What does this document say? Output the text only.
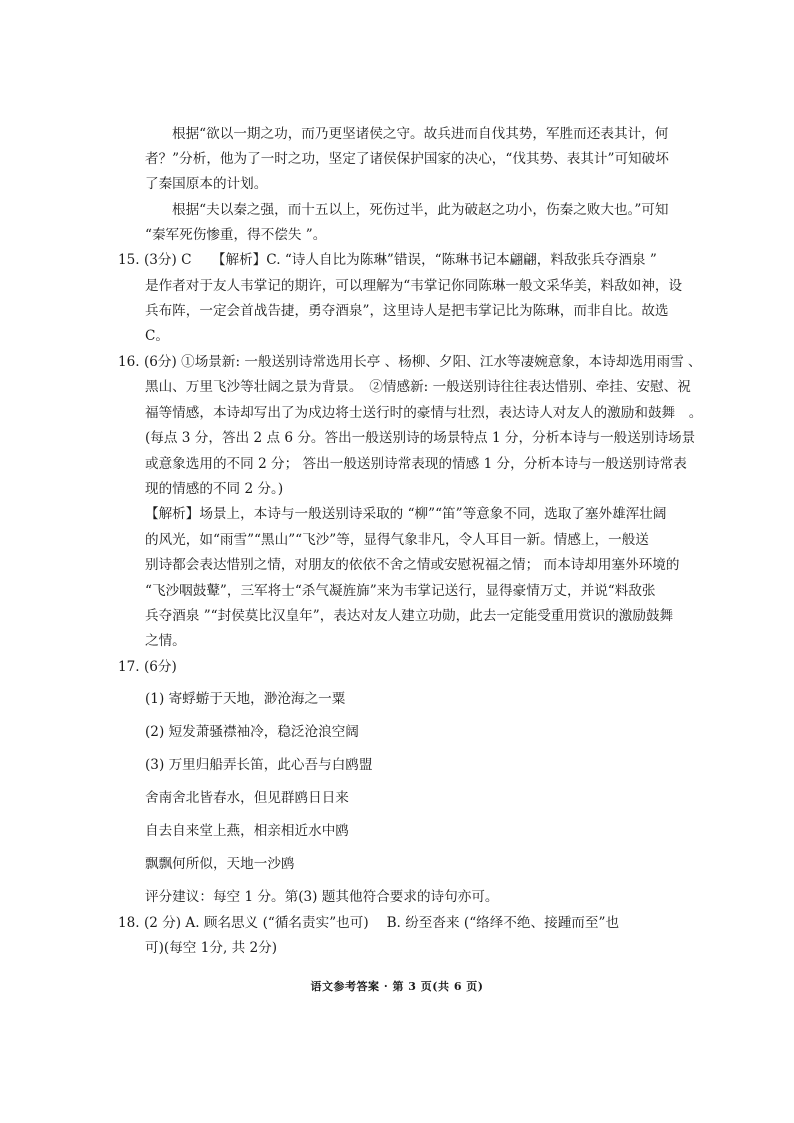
根据“欲以一期之功，而乃更坚诸侯之守。故兵进而自伐其势，军胜而还表其计，何
者？”分析，他为了一时之功，坚定了诸侯保护国家的决心，“伐其势、表其计”可知破坏
了秦国原本的计划。
根据“夫以秦之强，而十五以上，死伤过半，此为破赵之功小，伤秦之败大也。”可知
“秦军死伤惨重，得不偿失 ”。
15. (3分) C　　【解析】C. “诗人自比为陈琳”错误，“陈琳书记本翩翩，料敌张兵夺酒泉 ”
是作者对于友人韦掌记的期许，可以理解为“韦掌记你同陈琳一般文采华美，料敌如神，设
兵布阵，一定会首战告捷，勇夺酒泉”，这里诗人是把韦掌记比为陈琳，而非自比。故选
C。
16. (6分) ①场景新: 一般送别诗常选用长亭 、杨柳、夕阳、江水等凄婉意象，本诗却选用雨雪 、
黑山、万里飞沙等壮阔之景为背景。　②情感新: 一般送别诗往往表达惜别、牵挂、安慰、祝
福等情感，本诗却写出了为戍边将士送行时的豪情与壮烈，表达诗人对友人的激励和鼓舞　。
(每点 3 分，答出 2 点 6 分。答出一般送别诗的场景特点 1 分，分析本诗与一般送别诗场景
或意象选用的不同 2 分； 答出一般送别诗常表现的情感 1 分，分析本诗与一般送别诗常表
现的情感的不同 2 分。)
【解析】场景上，本诗与一般送别诗采取的 “柳”“笛”等意象不同，选取了塞外雄浑壮阔
的风光，如“雨雪”“黑山”“飞沙”等，显得气象非凡，令人耳目一新。情感上，一般送
别诗都会表达惜别之情，对朋友的依依不舍之情或安慰祝福之情； 而本诗却用塞外环境的
“飞沙咽鼓鼙”，三军将士“杀气凝旌旆”来为韦掌记送行，显得豪情万丈，并说“料敌张
兵夺酒泉 ”“封侯莫比汉皇年”，表达对友人建立功勋，此去一定能受重用赏识的激励鼓舞
之情。
17. (6分)
(1) 寄蜉蝣于天地，渺沧海之一粟
(2) 短发萧骚襟袖冷，稳泛沧浪空阔
(3) 万里归船弄长笛，此心吾与白鸥盟
舍南舍北皆春水，但见群鸥日日来
自去自来堂上燕，相亲相近水中鸥
飘飘何所似，天地一沙鸥
评分建议：每空 1 分。第(3) 题其他符合要求的诗句亦可。
18. (2 分) A. 顾名思义 (“循名责实”也可)　 B. 纷至沓来 (“络绎不绝、接踵而至”也
可)(每空 1分, 共 2分)
语文参考答案 · 第 3 页(共 6 页)
